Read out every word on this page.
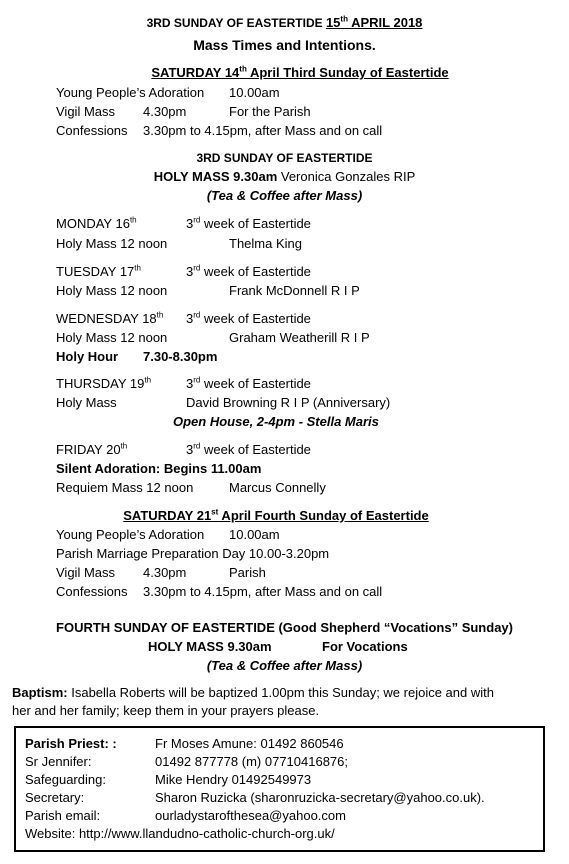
3RD SUNDAY OF EASTERTIDE 15th APRIL 2018
Mass Times and Intentions.
SATURDAY 14th April Third Sunday of Eastertide
Young People’s Adoration 10.00am
Vigil Mass 4.30pm	For the Parish
Confessions 3.30pm to 4.15pm, after Mass and on call
3RD SUNDAY OF EASTERTIDE
HOLY MASS 9.30am Veronica Gonzales RIP
(Tea & Coffee after Mass)
MONDAY 16th	3rd week of Eastertide
Holy Mass 12 noon	Thelma King
TUESDAY 17th	3rd week of Eastertide
Holy Mass 12 noon	Frank McDonnell R I P
WEDNESDAY 18th 3rd week of Eastertide
Holy Mass 12 noon	Graham Weatherill R I P
Holy Hour 7.30-8.30pm
THURSDAY 19th	3rd week of Eastertide
Holy Mass	David Browning R I P (Anniversary)
Open House, 2-4pm - Stella Maris
FRIDAY 20th	3rd week of Eastertide
Silent Adoration: Begins 11.00am
Requiem Mass 12 noon	Marcus Connelly
SATURDAY 21st April Fourth Sunday of Eastertide
Young People’s Adoration 10.00am
Parish Marriage Preparation Day 10.00-3.20pm
Vigil Mass 4.30pm	Parish
Confessions 3.30pm to 4.15pm, after Mass and on call
FOURTH SUNDAY OF EASTERTIDE (Good Shepherd “Vocations” Sunday)
HOLY MASS 9.30am	For Vocations
(Tea & Coffee after Mass)
Baptism: Isabella Roberts will be baptized 1.00pm this Sunday; we rejoice and with
her and her family; keep them in your prayers please.
Parish Priest: :	Fr Moses Amune: 01492 860546
Sr Jennifer:	01492 877778 (m) 07710416876;
Safeguarding:	Mike Hendry 01492549973
Secretary:	Sharon Ruzicka (sharonruzicka-secretary@yahoo.co.uk).
Parish email:	ourladystarofthesea@yahoo.com
Website: http://www.llandudno-catholic-church-org.uk/
